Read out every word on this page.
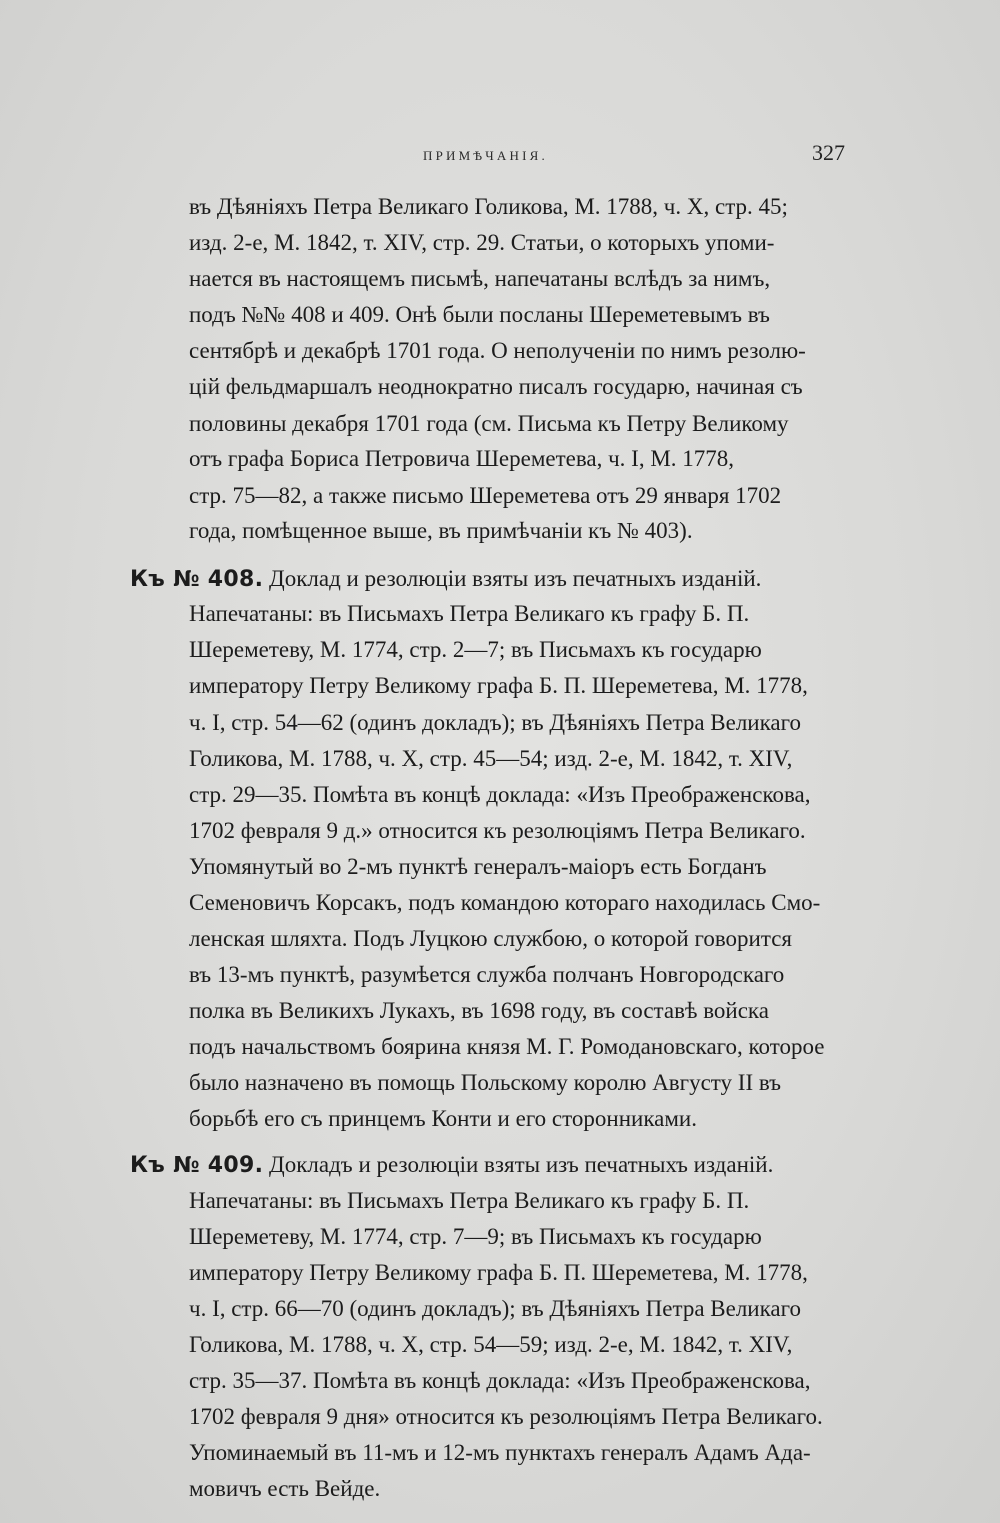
ПРИМѢЧАНІЯ.	327
въ Дѣяніяхъ Петра Великаго Голикова, М. 1788, ч. X, стр. 45;
изд. 2-е, М. 1842, т. XIV, стр. 29. Статьи, о которыхъ упоми-
нается въ настоящемъ письмѣ, напечатаны вслѣдъ за нимъ,
подъ №№ 408 и 409. Онѣ были посланы Шереметевымъ въ
сентябрѣ и декабрѣ 1701 года. О неполученіи по нимъ резолю-
цій фельдмаршалъ неоднократно писалъ государю, начиная съ
половины декабря 1701 года (см. Письма къ Петру Великому
отъ графа Бориса Петровича Шереметева, ч. I, М. 1778,
стр. 75—82, а также письмо Шереметева отъ 29 января 1702
года, помѣщенное выше, въ примѣчаніи къ № 403).
Къ № 408. Доклад и резолюціи взяты изъ печатныхъ изданій.
Напечатаны: въ Письмахъ Петра Великаго къ графу Б. П.
Шереметеву, М. 1774, стр. 2—7; въ Письмахъ къ государю
императору Петру Великому графа Б. П. Шереметева, М. 1778,
ч. I, стр. 54—62 (одинъ докладъ); въ Дѣяніяхъ Петра Великаго
Голикова, М. 1788, ч. X, стр. 45—54; изд. 2-е, М. 1842, т. XIV,
стр. 29—35. Помѣта въ концѣ доклада: «Изъ Преображенскова,
1702 февраля 9 д.» относится къ резолюціямъ Петра Великаго.
Упомянутый во 2-мъ пунктѣ генералъ-маіоръ есть Богданъ
Семеновичъ Корсакъ, подъ командою котораго находилась Смо-
ленская шляхта. Подъ Луцкою службою, о которой говорится
въ 13-мъ пунктѣ, разумѣется служба полчанъ Новгородскаго
полка въ Великихъ Лукахъ, въ 1698 году, въ составѣ войска
подъ начальствомъ боярина князя М. Г. Ромодановскаго, которое
было назначено въ помощь Польскому королю Августу II въ
борьбѣ его съ принцемъ Конти и его сторонниками.
Къ № 409. Докладъ и резолюціи взяты изъ печатныхъ изданій.
Напечатаны: въ Письмахъ Петра Великаго къ графу Б. П.
Шереметеву, М. 1774, стр. 7—9; въ Письмахъ къ государю
императору Петру Великому графа Б. П. Шереметева, М. 1778,
ч. I, стр. 66—70 (одинъ докладъ); въ Дѣяніяхъ Петра Великаго
Голикова, М. 1788, ч. X, стр. 54—59; изд. 2-е, М. 1842, т. XIV,
стр. 35—37. Помѣта въ концѣ доклада: «Изъ Преображенскова,
1702 февраля 9 дня» относится къ резолюціямъ Петра Великаго.
Упоминаемый въ 11-мъ и 12-мъ пунктахъ генералъ Адамъ Ада-
мовичъ есть Вейде.
